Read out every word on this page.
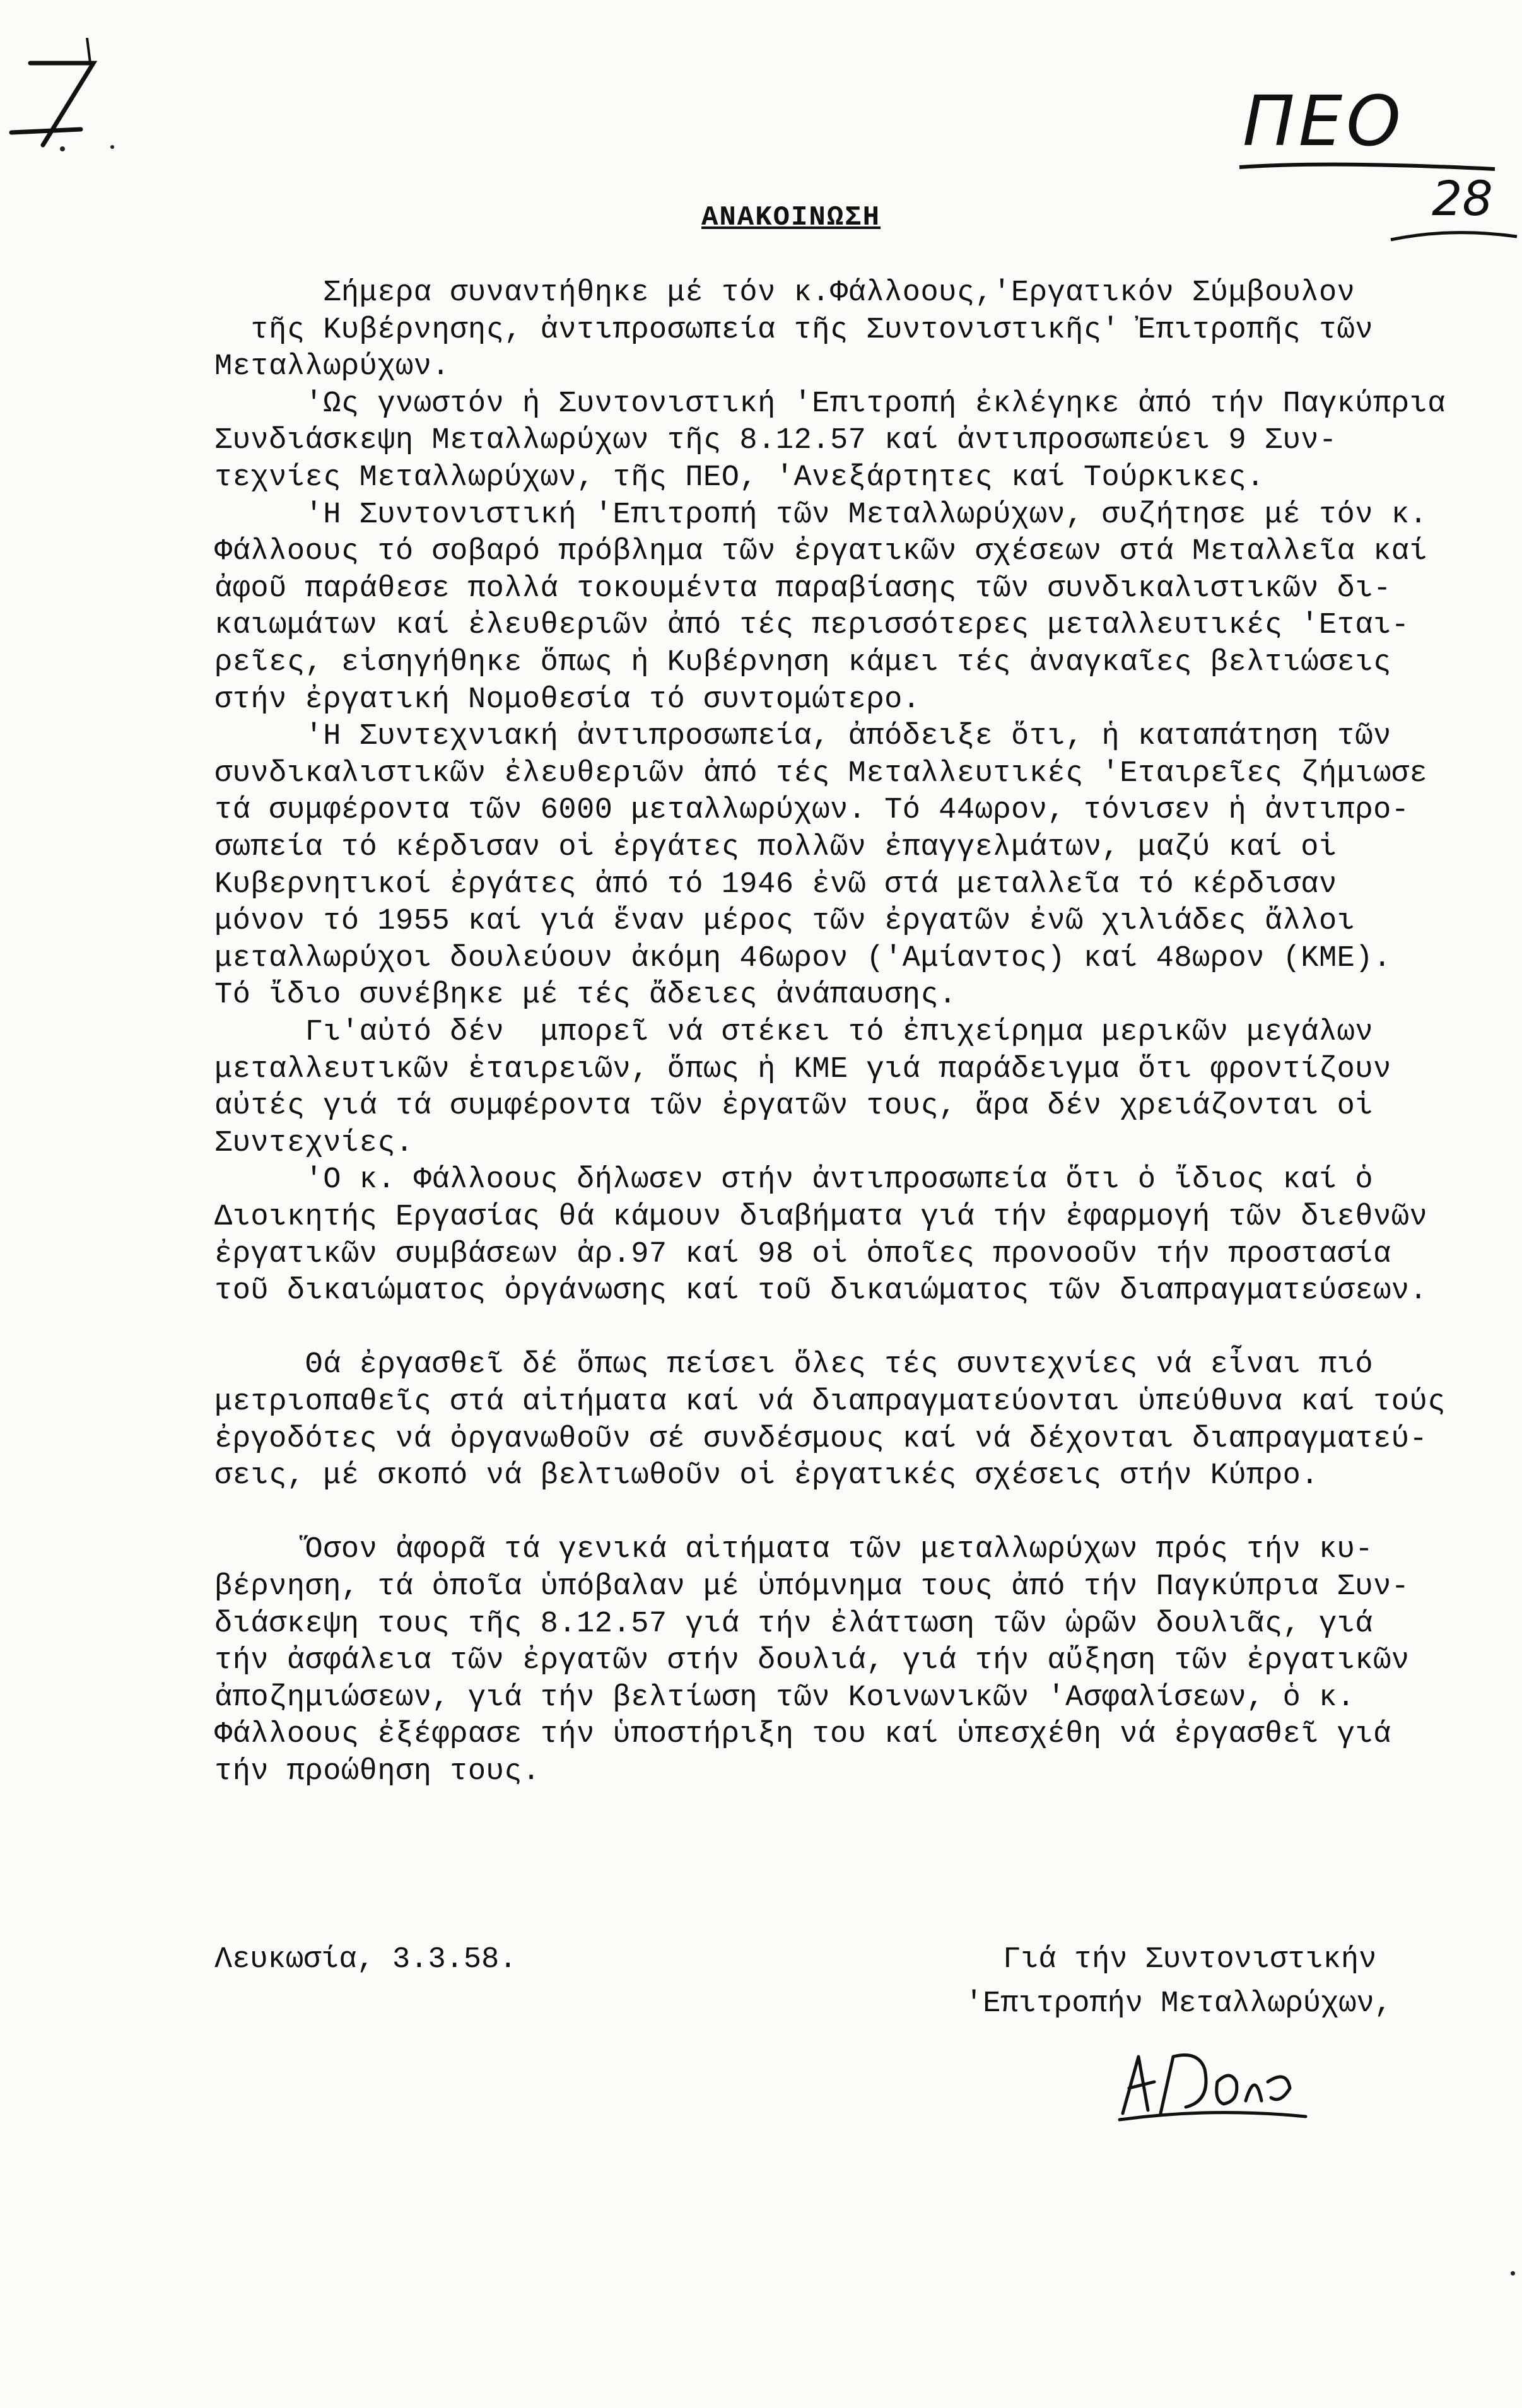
ΠΕΟ
28
ΑΝΑΚΟΙΝΩΣΗ
Σήμερα συναντήθηκε μέ τόν κ.Φάλλοους,'Εργατικόν Σύμβουλον
τῆς Κυβέρνησης, ἀντιπροσωπεία τῆς Συντονιστικῆς' Ἐπιτροπῆς τῶν
Μεταλλωρύχων.
'Ως γνωστόν ἡ Συντονιστική 'Επιτροπή ἐκλέγηκε ἀπό τήν Παγκύπρια
Συνδιάσκεψη Μεταλλωρύχων τῆς 8.12.57 καί ἀντιπροσωπεύει 9 Συν-
τεχνίες Μεταλλωρύχων, τῆς ΠΕΟ, 'Ανεξάρτητες καί Τούρκικες.
'Η Συντονιστική 'Επιτροπή τῶν Μεταλλωρύχων, συζήτησε μέ τόν κ.
Φάλλοους τό σοβαρό πρόβλημα τῶν ἐργατικῶν σχέσεων στά Μεταλλεῖα καί
ἀφοῦ παράθεσε πολλά τοκουμέντα παραβίασης τῶν συνδικαλιστικῶν δι-
καιωμάτων καί ἐλευθεριῶν ἀπό τές περισσότερες μεταλλευτικές 'Εται-
ρεῖες, εἰσηγήθηκε ὅπως ἡ Κυβέρνηση κάμει τές ἀναγκαῖες βελτιώσεις
στήν ἐργατική Νομοθεσία τό συντομώτερο.
'Η Συντεχνιακή ἀντιπροσωπεία, ἀπόδειξε ὅτι, ἡ καταπάτηση τῶν
συνδικαλιστικῶν ἐλευθεριῶν ἀπό τές Μεταλλευτικές 'Εταιρεῖες ζήμιωσε
τά συμφέροντα τῶν 6000 μεταλλωρύχων. Τό 44ωρον, τόνισεν ἡ ἀντιπρο-
σωπεία τό κέρδισαν οἱ ἐργάτες πολλῶν ἐπαγγελμάτων, μαζύ καί οἱ
Κυβερνητικοί ἐργάτες ἀπό τό 1946 ἐνῶ στά μεταλλεῖα τό κέρδισαν
μόνον τό 1955 καί γιά ἕναν μέρος τῶν ἐργατῶν ἐνῶ χιλιάδες ἄλλοι
μεταλλωρύχοι δουλεύουν ἀκόμη 46ωρον ('Αμίαντος) καί 48ωρον (ΚΜΕ).
Τό ἴδιο συνέβηκε μέ τές ἄδειες ἀνάπαυσης.
Γι'αὐτό δέν  μπορεῖ νά στέκει τό ἐπιχείρημα μερικῶν μεγάλων
μεταλλευτικῶν ἑταιρειῶν, ὅπως ἡ ΚΜΕ γιά παράδειγμα ὅτι φροντίζουν
αὐτές γιά τά συμφέροντα τῶν ἐργατῶν τους, ἄρα δέν χρειάζονται οἱ
Συντεχνίες.
'Ο κ. Φάλλοους δήλωσεν στήν ἀντιπροσωπεία ὅτι ὁ ἴδιος καί ὁ
Διοικητής Εργασίας θά κάμουν διαβήματα γιά τήν ἐφαρμογή τῶν διεθνῶν
ἐργατικῶν συμβάσεων ἀρ.97 καί 98 οἱ ὁποῖες προνοοῦν τήν προστασία
τοῦ δικαιώματος ὀργάνωσης καί τοῦ δικαιώματος τῶν διαπραγματεύσεων.
Θά ἐργασθεῖ δέ ὅπως πείσει ὅλες τές συντεχνίες νά εἶναι πιό
μετριοπαθεῖς στά αἰτήματα καί νά διαπραγματεύονται ὑπεύθυνα καί τούς
ἐργοδότες νά ὀργανωθοῦν σέ συνδέσμους καί νά δέχονται διαπραγματεύ-
σεις, μέ σκοπό νά βελτιωθοῦν οἱ ἐργατικές σχέσεις στήν Κύπρο.
Ὅσον ἀφορᾶ τά γενικά αἰτήματα τῶν μεταλλωρύχων πρός τήν κυ-
βέρνηση, τά ὁποῖα ὑπόβαλαν μέ ὑπόμνημα τους ἀπό τήν Παγκύπρια Συν-
διάσκεψη τους τῆς 8.12.57 γιά τήν ἐλάττωση τῶν ὡρῶν δουλιᾶς, γιά
τήν ἀσφάλεια τῶν ἐργατῶν στήν δουλιά, γιά τήν αὔξηση τῶν ἐργατικῶν
ἀποζημιώσεων, γιά τήν βελτίωση τῶν Κοινωνικῶν 'Ασφαλίσεων, ὁ κ.
Φάλλοους ἐξέφρασε τήν ὑποστήριξη του καί ὑπεσχέθη νά ἐργασθεῖ γιά
τήν προώθηση τους.
Λευκωσία, 3.3.58.	Γιά τήν Συντονιστικήν
'Επιτροπήν Μεταλλωρύχων,
